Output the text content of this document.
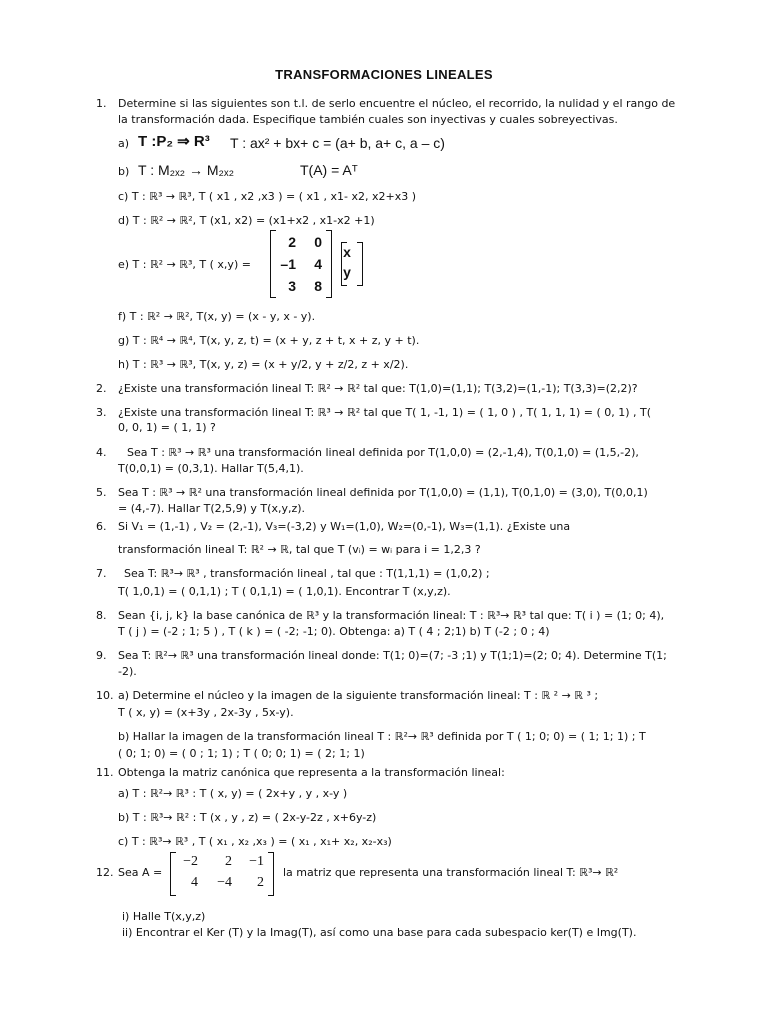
TRANSFORMACIONES LINEALES
1. Determine si las siguientes son t.l. de serlo encuentre el núcleo, el recorrido, la nulidad y el rango de
la transformación dada. Especifique también cuales son inyectivas y cuales sobreyectivas.
a) T :P₂ ⇒ R³ T : ax² + bx+ c = (a+ b, a+ c, a – c)
b) T : M₂ₓ₂ → M₂ₓ₂	T(A) = Aᵀ
c) T : ℝ³ → ℝ³, T ( x1 , x2 ,x3 ) = ( x1 , x1- x2, x2+x3 )
d) T : ℝ² → ℝ², T (x1, x2) = (x1+x2 , x1-x2 +1)
e) T : ℝ² → ℝ³, T ( x,y) =
2	0
–1	4
3	8
x
y
f) T : ℝ² → ℝ², T(x, y) = (x - y, x - y).
g) T : ℝ⁴ → ℝ⁴, T(x, y, z, t) = (x + y, z + t, x + z, y + t).
h) T : ℝ³ → ℝ³, T(x, y, z) = (x + y/2, y + z/2, z + x/2).
2. ¿Existe una transformación lineal T: ℝ² → ℝ² tal que: T(1,0)=(1,1); T(3,2)=(1,-1); T(3,3)=(2,2)?
3. ¿Existe una transformación lineal T: ℝ³ → ℝ² tal que T( 1, -1, 1) = ( 1, 0 ) , T( 1, 1, 1) = ( 0, 1) , T(
0, 0, 1) = ( 1, 1) ?
4. Sea T : ℝ³ → ℝ³ una transformación lineal definida por T(1,0,0) = (2,-1,4), T(0,1,0) = (1,5,-2),
T(0,0,1) = (0,3,1). Hallar T(5,4,1).
5. Sea T : ℝ³ → ℝ² una transformación lineal definida por T(1,0,0) = (1,1), T(0,1,0) = (3,0), T(0,0,1)
= (4,-7). Hallar T(2,5,9) y T(x,y,z).
6. Si V₁ = (1,-1) , V₂ = (2,-1), V₃=(-3,2) y W₁=(1,0), W₂=(0,-1), W₃=(1,1). ¿Existe una
transformación lineal T: ℝ² → ℝ, tal que T (vᵢ) = wᵢ para i = 1,2,3 ?
7. Sea T: ℝ³→ ℝ³ , transformación lineal , tal que : T(1,1,1) = (1,0,2) ;
T( 1,0,1) = ( 0,1,1) ; T ( 0,1,1) = ( 1,0,1). Encontrar T (x,y,z).
8. Sean {i, j, k} la base canónica de ℝ³ y la transformación lineal: T : ℝ³→ ℝ³ tal que: T( i ) = (1; 0; 4),
T ( j ) = (-2 ; 1; 5 ) , T ( k ) = ( -2; -1; 0). Obtenga: a) T ( 4 ; 2;1) b) T (-2 ; 0 ; 4)
9. Sea T: ℝ²→ ℝ³ una transformación lineal donde: T(1; 0)=(7; -3 ;1) y T(1;1)=(2; 0; 4). Determine T(1;
-2).
10. a) Determine el núcleo y la imagen de la siguiente transformación lineal: T : ℝ ² → ℝ ³ ;
T ( x, y) = (x+3y , 2x-3y , 5x-y).
b) Hallar la imagen de la transformación lineal T : ℝ²→ ℝ³ definida por T ( 1; 0; 0) = ( 1; 1; 1) ; T
( 0; 1; 0) = ( 0 ; 1; 1) ; T ( 0; 0; 1) = ( 2; 1; 1)
11. Obtenga la matriz canónica que representa a la transformación lineal:
a) T : ℝ²→ ℝ³ : T ( x, y) = ( 2x+y , y , x-y )
b) T : ℝ³→ ℝ² : T (x , y , z) = ( 2x-y-2z , x+6y-z)
c) T : ℝ³→ ℝ³ , T ( x₁ , x₂ ,x₃ ) = ( x₁ , x₁+ x₂, x₂-x₃)
12. Sea A =
−2	2	−1
4	−4	2
la matriz que representa una transformación lineal T: ℝ³→ ℝ²
i) Halle T(x,y,z)
ii) Encontrar el Ker (T) y la Imag(T), así como una base para cada subespacio ker(T) e Img(T).
